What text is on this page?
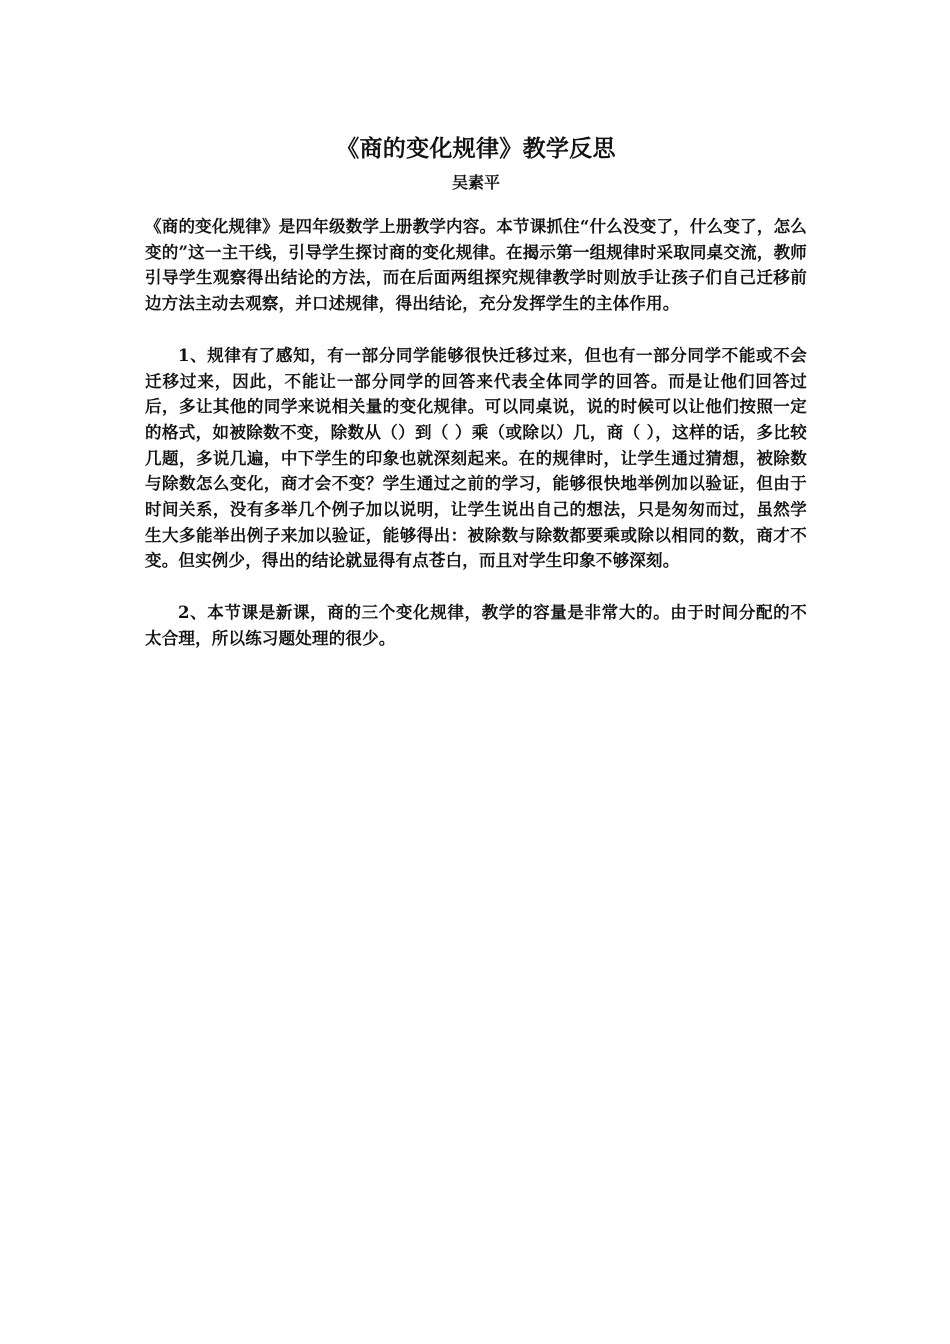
《商的变化规律》教学反思
吴素平

《商的变化规律》是四年级数学上册教学内容。本节课抓住“什么没变了，什么变了，怎么变的”这一主干线，引导学生探讨商的变化规律。在揭示第一组规律时采取同桌交流，教师引导学生观察得出结论的方法，而在后面两组探究规律教学时则放手让孩子们自己迁移前边方法主动去观察，并口述规律，得出结论，充分发挥学生的主体作用。

1、规律有了感知，有一部分同学能够很快迁移过来，但也有一部分同学不能或不会迁移过来，因此，不能让一部分同学的回答来代表全体同学的回答。而是让他们回答过后，多让其他的同学来说相关量的变化规律。可以同桌说，说的时候可以让他们按照一定的格式，如被除数不变，除数从（）到（ ）乘（或除以）几，商（ ），这样的话，多比较几题，多说几遍，中下学生的印象也就深刻起来。在的规律时，让学生通过猜想，被除数与除数怎么变化，商才会不变？学生通过之前的学习，能够很快地举例加以验证，但由于时间关系，没有多举几个例子加以说明，让学生说出自己的想法，只是匆匆而过，虽然学生大多能举出例子来加以验证，能够得出：被除数与除数都要乘或除以相同的数，商才不变。但实例少，得出的结论就显得有点苍白，而且对学生印象不够深刻。

2、本节课是新课，商的三个变化规律，教学的容量是非常大的。由于时间分配的不太合理，所以练习题处理的很少。
